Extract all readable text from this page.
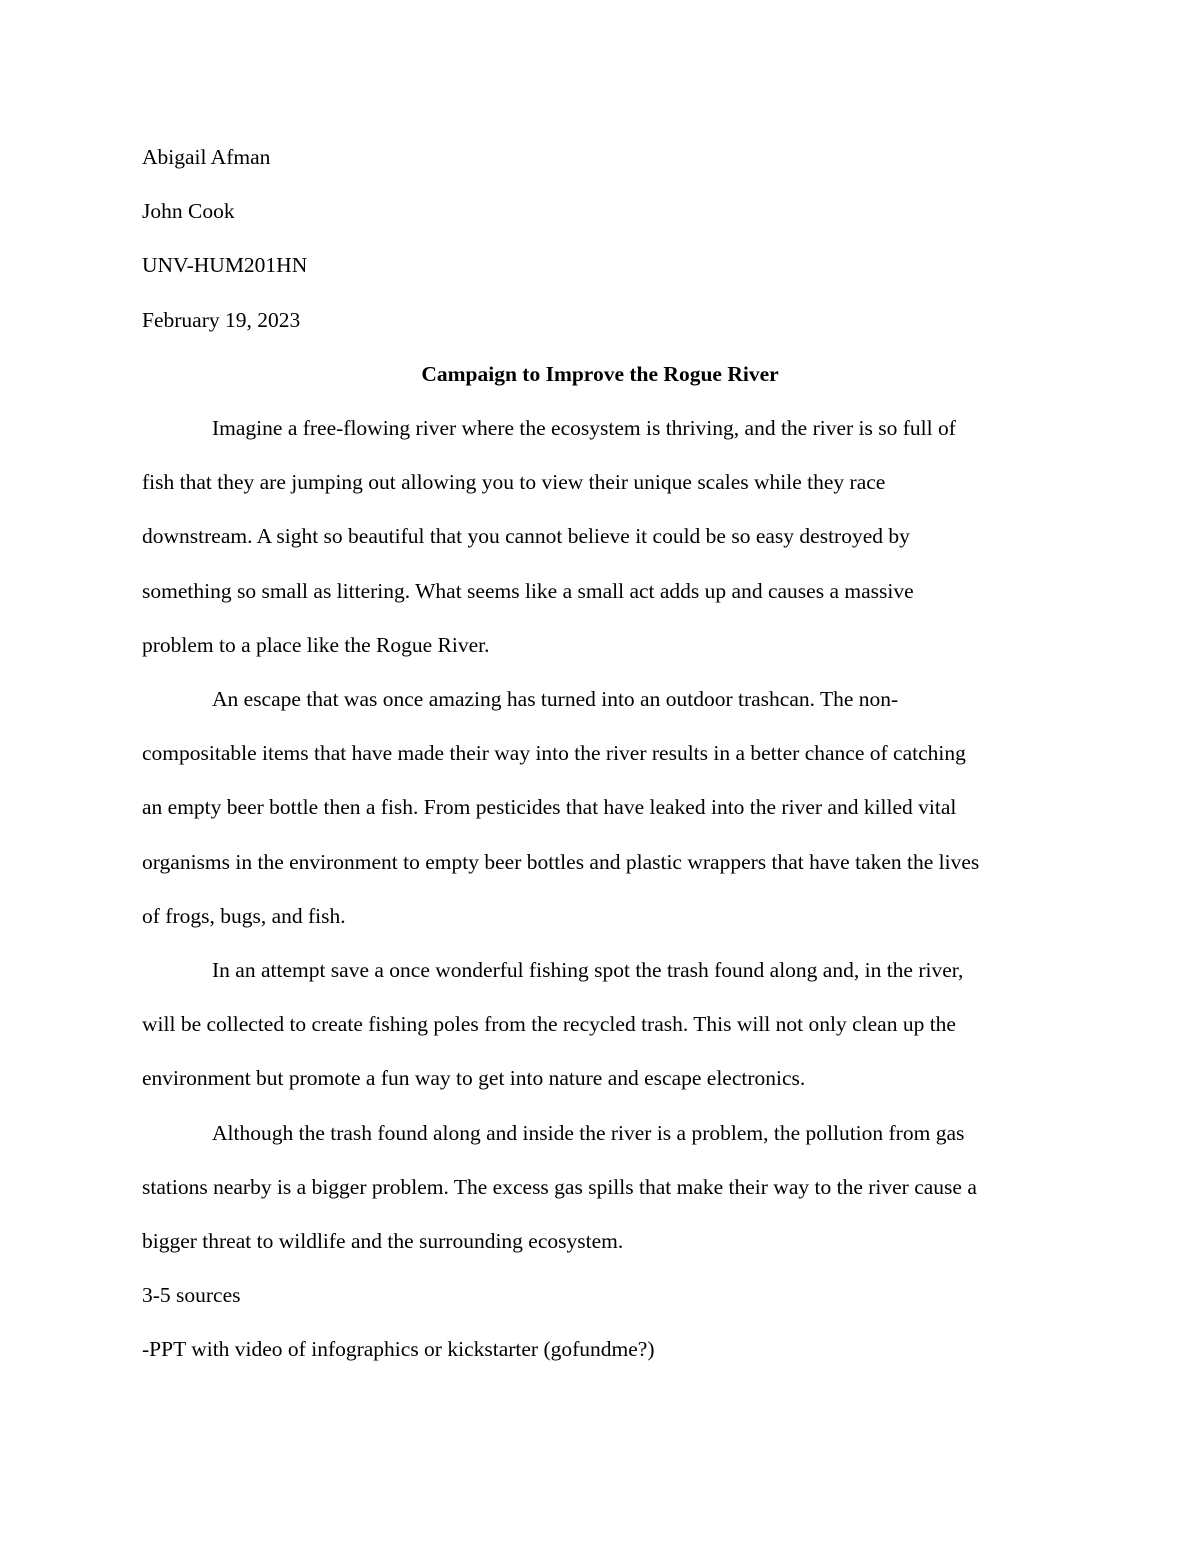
Abigail Afman

John Cook

UNV-HUM201HN

February 19, 2023

Campaign to Improve the Rogue River

Imagine a free-flowing river where the ecosystem is thriving, and the river is so full of
fish that they are jumping out allowing you to view their unique scales while they race
downstream. A sight so beautiful that you cannot believe it could be so easy destroyed by
something so small as littering. What seems like a small act adds up and causes a massive
problem to a place like the Rogue River.
An escape that was once amazing has turned into an outdoor trashcan. The non-
compositable items that have made their way into the river results in a better chance of catching
an empty beer bottle then a fish. From pesticides that have leaked into the river and killed vital
organisms in the environment to empty beer bottles and plastic wrappers that have taken the lives
of frogs, bugs, and fish.
In an attempt save a once wonderful fishing spot the trash found along and, in the river,
will be collected to create fishing poles from the recycled trash. This will not only clean up the
environment but promote a fun way to get into nature and escape electronics.
Although the trash found along and inside the river is a problem, the pollution from gas
stations nearby is a bigger problem. The excess gas spills that make their way to the river cause a
bigger threat to wildlife and the surrounding ecosystem.

3-5 sources

-PPT with video of infographics or kickstarter (gofundme?)
